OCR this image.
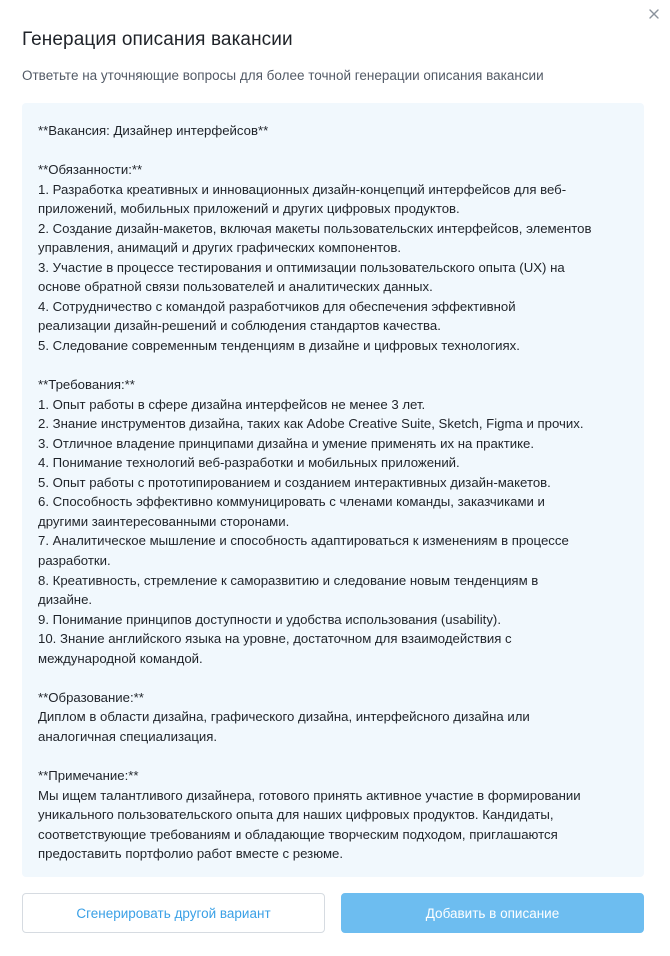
Генерация описания вакансии
Ответьте на уточняющие вопросы для более точной генерации описания вакансии

**Вакансия: Дизайнер интерфейсов**

**Обязанности:**

1. Разработка креативных и инновационных дизайн-концепций интерфейсов для веб-

приложений, мобильных приложений и других цифровых продуктов.

2. Создание дизайн-макетов, включая макеты пользовательских интерфейсов, элементов

управления, анимаций и других графических компонентов.

3. Участие в процессе тестирования и оптимизации пользовательского опыта (UX) на

основе обратной связи пользователей и аналитических данных.

4. Сотрудничество с командой разработчиков для обеспечения эффективной

реализации дизайн-решений и соблюдения стандартов качества.

5. Следование современным тенденциям в дизайне и цифровых технологиях.

**Требования:**

1. Опыт работы в сфере дизайна интерфейсов не менее 3 лет.

2. Знание инструментов дизайна, таких как Adobe Creative Suite, Sketch, Figma и прочих.

3. Отличное владение принципами дизайна и умение применять их на практике.

4. Понимание технологий веб-разработки и мобильных приложений.

5. Опыт работы с прототипированием и созданием интерактивных дизайн-макетов.

6. Способность эффективно коммуницировать с членами команды, заказчиками и

другими заинтересованными сторонами.

7. Аналитическое мышление и способность адаптироваться к изменениям в процессе

разработки.

8. Креативность, стремление к саморазвитию и следование новым тенденциям в

дизайне.

9. Понимание принципов доступности и удобства использования (usability).

10. Знание английского языка на уровне, достаточном для взаимодействия с

международной командой.

**Образование:**

Диплом в области дизайна, графического дизайна, интерфейсного дизайна или

аналогичная специализация.

**Примечание:**

Мы ищем талантливого дизайнера, готового принять активное участие в формировании

уникального пользовательского опыта для наших цифровых продуктов. Кандидаты,

соответствующие требованиям и обладающие творческим подходом, приглашаются

предоставить портфолио работ вместе с резюме.

Сгенерировать другой вариант	Добавить в описание
